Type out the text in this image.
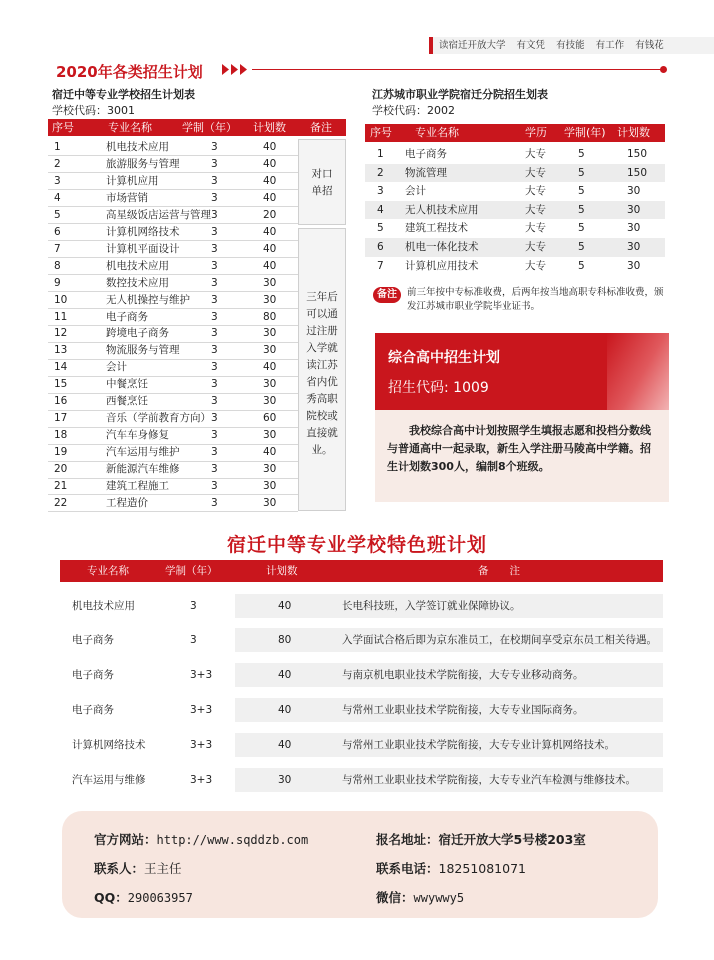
读宿迁开放大学 有文凭 有技能 有工作 有钱花
2020年各类招生计划
宿迁中等专业学校招生计划表
学校代码：3001
序号	专业名称	学制（年） 计划数 备注
1	机电技术应用	3	40
2	旅游服务与管理	3	40
3	计算机应用	3	40
4	市场营销	3	40
5	高星级饭店运营与管理 3	20
6	计算机网络技术	3	40
7	计算机平面设计	3	40
8	机电技术应用	3	40
9	数控技术应用	3	30
10	无人机操控与维护 3	30
11	电子商务	3	80
12	跨境电子商务	3	30
13	物流服务与管理	3	30
14	会计	3	40
15	中餐烹饪	3	30
16	西餐烹饪	3	30
17	音乐（学前教育方向） 3	60
18	汽车车身修复	3	30
19	汽车运用与维护	3	40
20	新能源汽车维修	3	30
21	建筑工程施工	3	30
22	工程造价	3	30
对口
单招
三年后
可以通
过注册
入学就
读江苏
省内优
秀高职
院校或
直接就
业。
江苏城市职业学院宿迁分院招生划表
学校代码：2002
序号 专业名称	学历 学制(年) 计划数
1 电子商务	大专	5	150
2 物流管理	大专	5	150
3 会计	大专	5	30
4 无人机技术应用	大专	5	30
5 建筑工程技术	大专	5	30
6 机电一体化技术	大专	5	30
7 计算机应用技术	大专	5	30
备注	前三年按中专标准收费，后两年按当地高职专科标准收费，颁发江苏城市职业学院毕业证书。
综合高中招生计划
招生代码: 1009

我校综合高中计划按照学生填报志愿和投档分数线与普通高中一起录取，新生入学注册马陵高中学籍。招生计划数300人，编制8个班级。

宿迁中等专业学校特色班计划
专业名称	学制（年）	计划数	备　　注
机电技术应用	3	40	长电科技班，入学签订就业保障协议。
电子商务	3	80	入学面试合格后即为京东准员工，在校期间享受京东员工相关待遇。
电子商务	3+3	40	与南京机电职业技术学院衔接，大专专业移动商务。
电子商务	3+3	40	与常州工业职业技术学院衔接，大专专业国际商务。
计算机网络技术	3+3	40	与常州工业职业技术学院衔接，大专专业计算机网络技术。
汽车运用与维修	3+3	30	与常州工业职业技术学院衔接，大专专业汽车检测与维修技术。
官方网站：http://www.sqddzb.com
联系人：王主任
QQ：290063957
报名地址：宿迁开放大学5号楼203室
联系电话：18251081071
微信：wwywwy5
